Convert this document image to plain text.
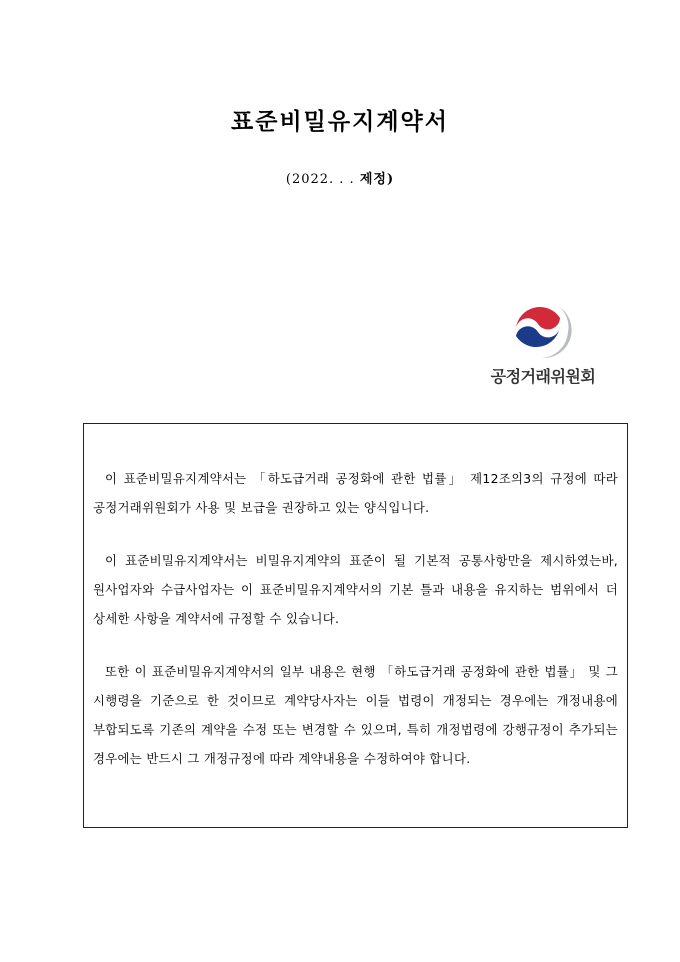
표준비밀유지계약서
(2022. . . 제정)
공정거래위원회

이 표준비밀유지계약서는 「하도급거래 공정화에 관한 법률」 제12조의3의 규정에 따라 공정거래위원회가 사용 및 보급을 권장하고 있는 양식입니다.

이 표준비밀유지계약서는 비밀유지계약의 표준이 될 기본적 공통사항만을 제시하였는바, 원사업자와 수급사업자는 이 표준비밀유지계약서의 기본 틀과 내용을 유지하는 범위에서 더 상세한 사항을 계약서에 규정할 수 있습니다.

또한 이 표준비밀유지계약서의 일부 내용은 현행 「하도급거래 공정화에 관한 법률」 및 그 시행령을 기준으로 한 것이므로 계약당사자는 이들 법령이 개정되는 경우에는 개정내용에 부합되도록 기존의 계약을 수정 또는 변경할 수 있으며, 특히 개정법령에 강행규정이 추가되는 경우에는 반드시 그 개정규정에 따라 계약내용을 수정하여야 합니다.
